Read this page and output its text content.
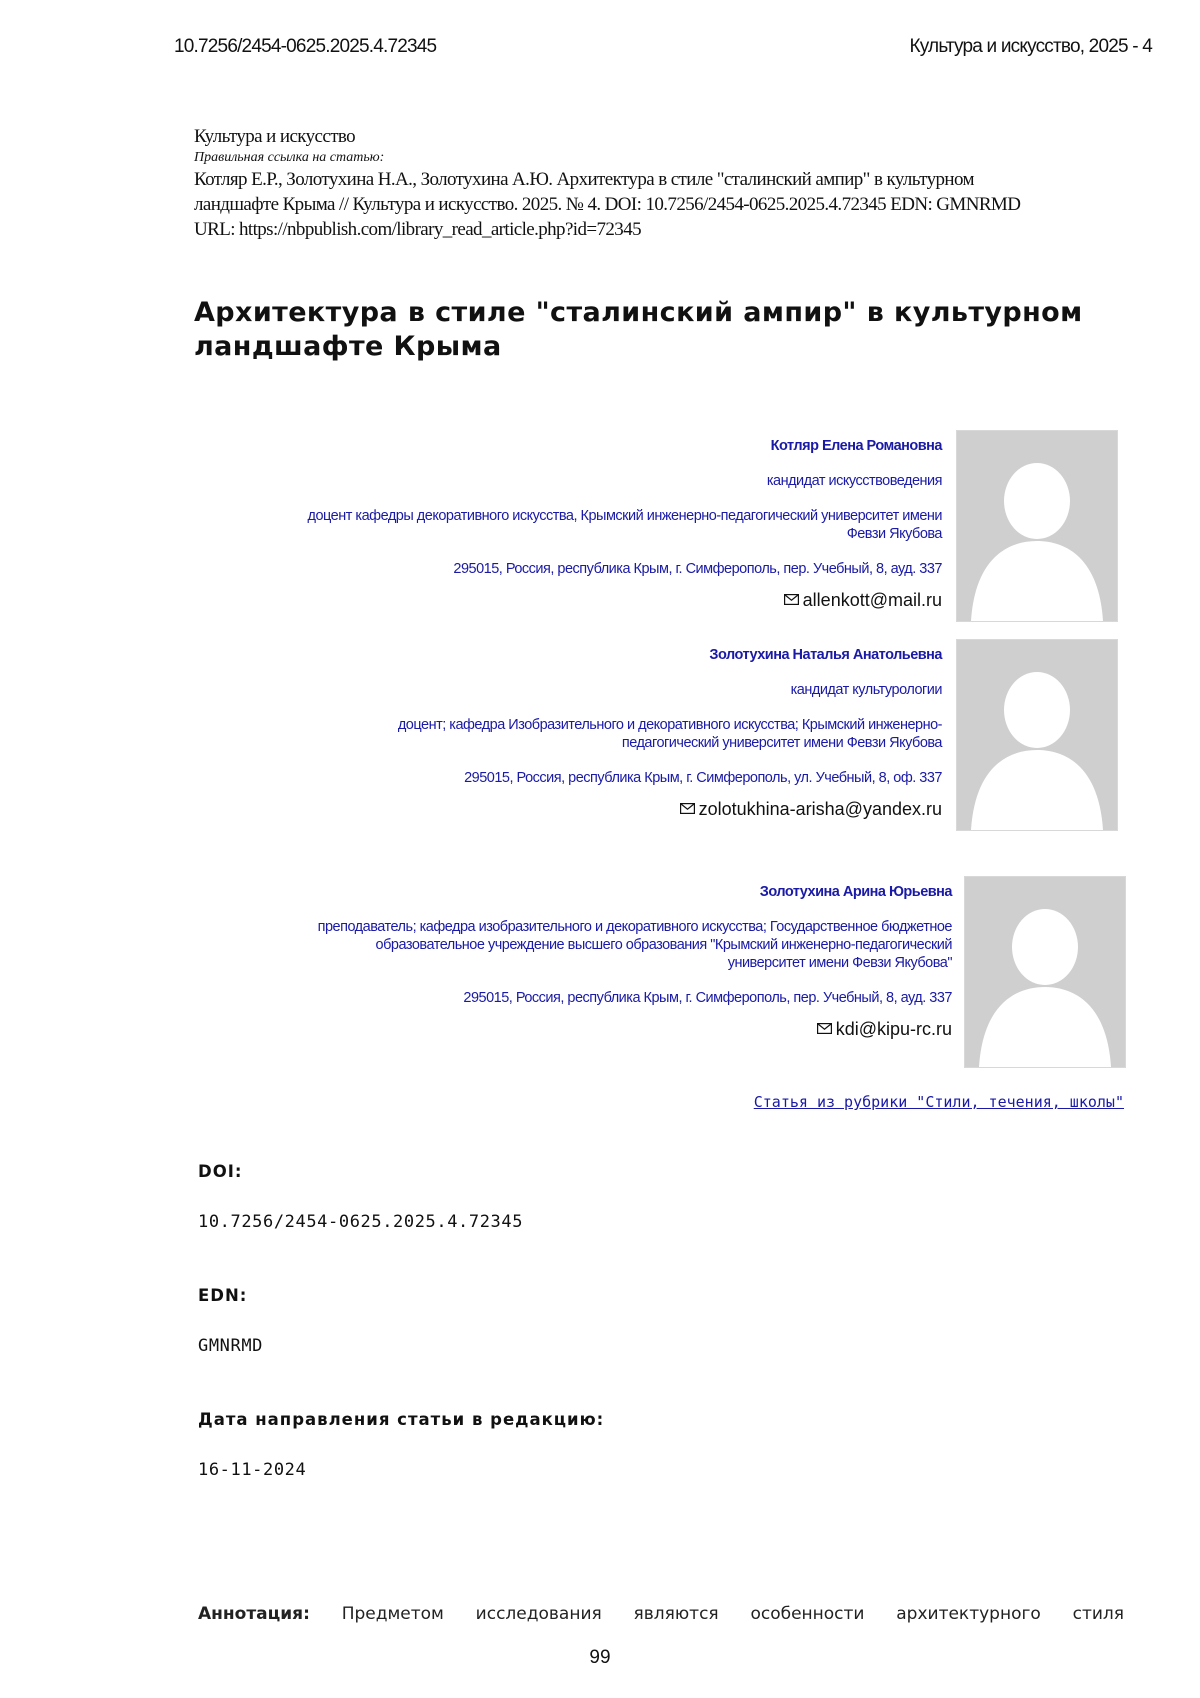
10.7256/2454-0625.2025.4.72345	Культура и искусство, 2025 - 4
Культура и искусство
Правильная ссылка на статью:
Котляр Е.Р., Золотухина Н.А., Золотухина А.Ю. Архитектура в стиле "сталинский ампир" в культурном
ландшафте Крыма // Культура и искусство. 2025. № 4. DOI: 10.7256/2454-0625.2025.4.72345 EDN: GMNRMD
URL: https://nbpublish.com/library_read_article.php?id=72345
Архитектура в стиле "сталинский ампир" в культурном
ландшафте Крыма
Котляр Елена Романовна
кандидат искусствоведения
доцент кафедры декоративного искусства, Крымский инженерно-педагогический университет имени
Февзи Якубова
295015, Россия, республика Крым, г. Симферополь, пер. Учебный, 8, ауд. 337
allenkott@mail.ru
Золотухина Наталья Анатольевна
кандидат культурологии
доцент; кафедра Изобразительного и декоративного искусства; Крымский инженерно-
педагогический университет имени Февзи Якубова
295015, Россия, республика Крым, г. Симферополь, ул. Учебный, 8, оф. 337
zolotukhina-arisha@yandex.ru
Золотухина Арина Юрьевна
преподаватель; кафедра изобразительного и декоративного искусства; Государственное бюджетное
образовательное учреждение высшего образования "Крымский инженерно-педагогический
университет имени Февзи Якубова"
295015, Россия, республика Крым, г. Симферополь, пер. Учебный, 8, ауд. 337
kdi@kipu-rc.ru
Статья из рубрики "Стили, течения, школы"
DOI:
10.7256/2454-0625.2025.4.72345
EDN:
GMNRMD
Дата направления статьи в редакцию:
16-11-2024
Аннотация: Предметом исследования являются особенности архитектурного стиля
99
